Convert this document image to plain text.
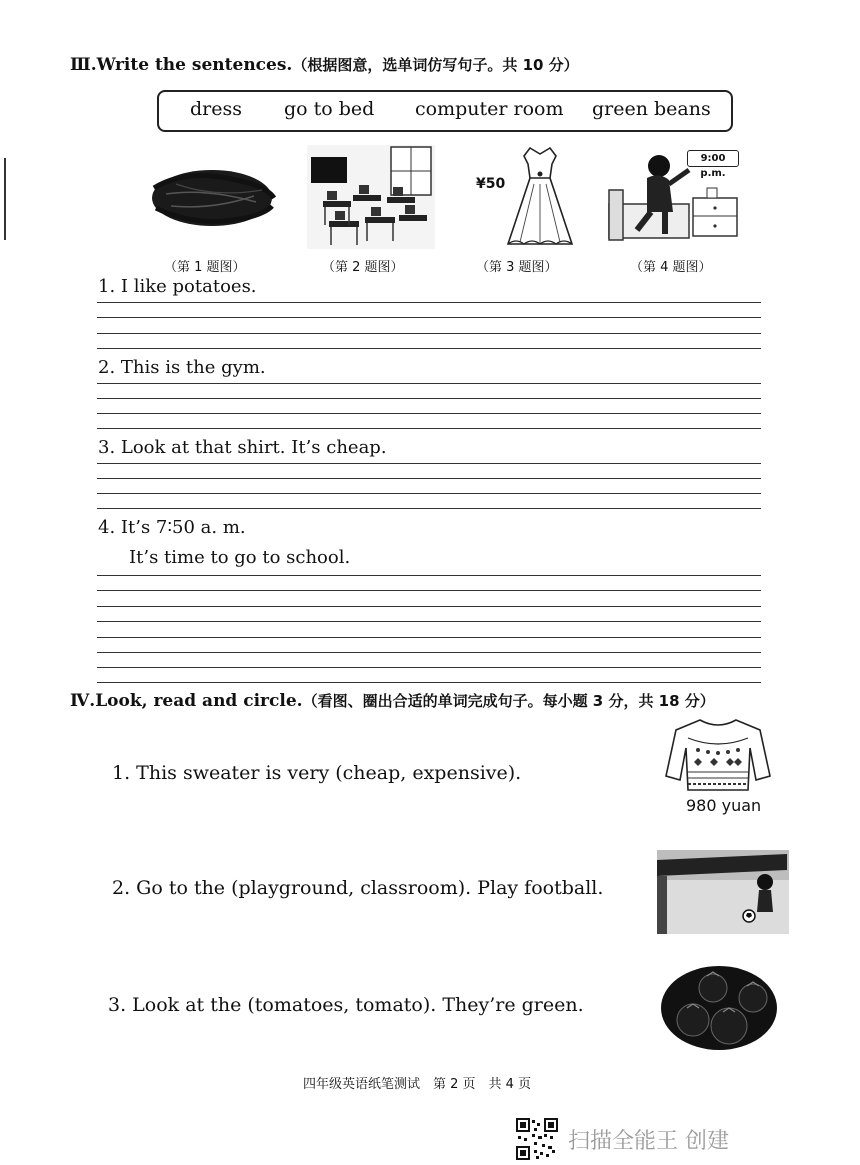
Ⅲ.Write the sentences.（根据图意，选单词仿写句子。共 10 分）
dress go to bed computer room green beans
¥50
9:00 p.m.
（第 1 题图）	（第 2 题图）	（第 3 题图）	（第 4 题图）
1. I like potatoes.
2. This is the gym.
3. Look at that shirt. It’s cheap.
4. It’s 7∶50 a. m.
It’s time to go to school.
Ⅳ.Look, read and circle.（看图、圈出合适的单词完成句子。每小题 3 分，共 18 分）
1. This sweater is very (cheap, expensive).
980 yuan
2. Go to the (playground, classroom). Play football.
3. Look at the (tomatoes, tomato). They’re green.
四年级英语纸笔测试　第 2 页　共 4 页
扫描全能王 创建
